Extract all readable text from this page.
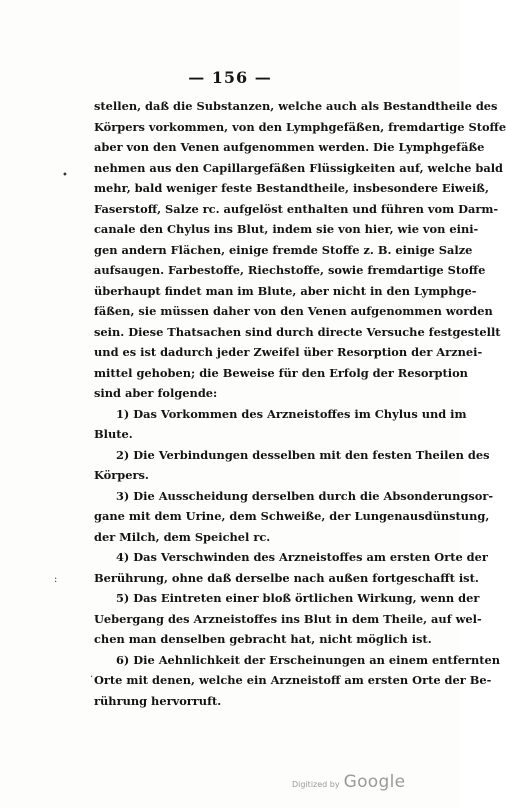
— 156 —
•
:
·
stellen, daß die Substanzen, welche auch als Bestandtheile des
Körpers vorkommen, von den Lymphgefäßen, fremdartige Stoffe
aber von den Venen aufgenommen werden. Die Lymphgefäße
nehmen aus den Capillargefäßen Flüssigkeiten auf, welche bald
mehr, bald weniger feste Bestandtheile, insbesondere Eiweiß,
Faserstoff, Salze rc. aufgelöst enthalten und führen vom Darm-
canale den Chylus ins Blut, indem sie von hier, wie von eini-
gen andern Flächen, einige fremde Stoffe z. B. einige Salze
aufsaugen. Farbestoffe, Riechstoffe, sowie fremdartige Stoffe
überhaupt findet man im Blute, aber nicht in den Lymphge-
fäßen, sie müssen daher von den Venen aufgenommen worden
sein. Diese Thatsachen sind durch directe Versuche festgestellt
und es ist dadurch jeder Zweifel über Resorption der Arznei-
mittel gehoben; die Beweise für den Erfolg der Resorption
sind aber folgende:
1) Das Vorkommen des Arzneistoffes im Chylus und im
Blute.
2) Die Verbindungen desselben mit den festen Theilen des
Körpers.
3) Die Ausscheidung derselben durch die Absonderungsor-
gane mit dem Urine, dem Schweiße, der Lungenausdünstung,
der Milch, dem Speichel rc.
4) Das Verschwinden des Arzneistoffes am ersten Orte der
Berührung, ohne daß derselbe nach außen fortgeschafft ist.
5) Das Eintreten einer bloß örtlichen Wirkung, wenn der
Uebergang des Arzneistoffes ins Blut in dem Theile, auf wel-
chen man denselben gebracht hat, nicht möglich ist.
6) Die Aehnlichkeit der Erscheinungen an einem entfernten
Orte mit denen, welche ein Arzneistoff am ersten Orte der Be-
rührung hervorruft.
Digitized by Google
